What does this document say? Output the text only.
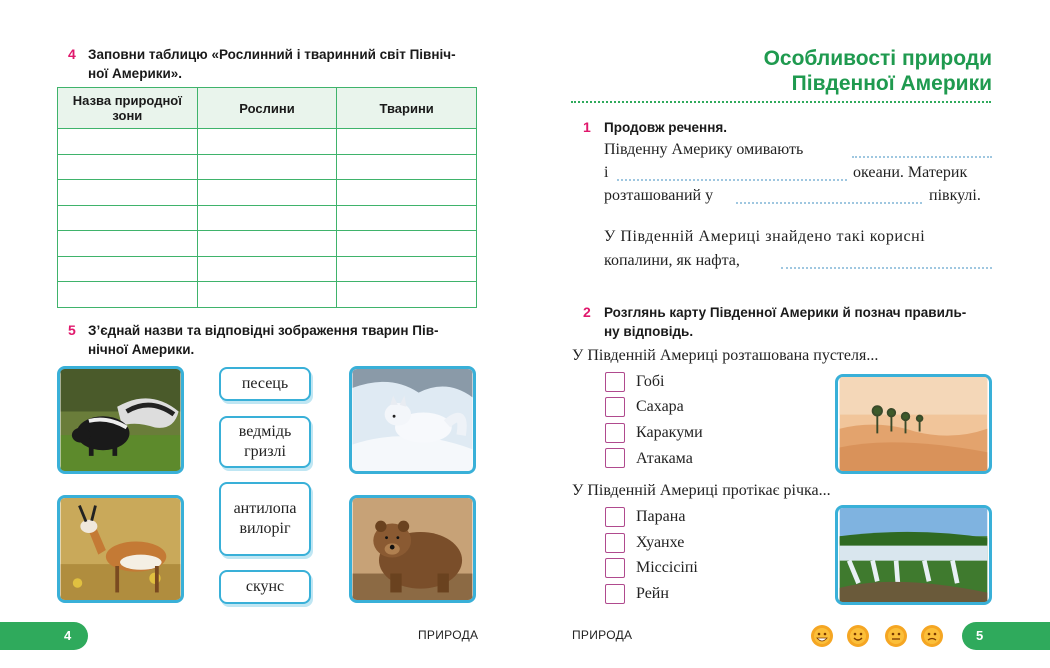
4 Заповни таблицю «Рослинний і тваринний світ Північ-
ної Америки».
Назва природної зони	Рослини	Тварини

5 З’єднай назви та відповідні зображення тварин Пів-
нічної Америки.
песець
ведмідь гризлі
антилопа вилоріг
скунс
4	ПРИРОДА
Особливості природи
Південної Америки
1 Продовж речення.
Південну Америку омивають
і	океани. Материк
розташований у	півкулі.
У Південній Америці знайдено такі корисні
копалини, як нафта,
2 Розглянь карту Південної Америки й познач правиль-
ну відповідь.
У Південній Америці розташована пустеля...
Гобі
Сахара
Каракуми
Атакама
У Південній Америці протікає річка...
Парана
Хуанхе
Міссісіпі
Рейн
ПРИРОДА	5
